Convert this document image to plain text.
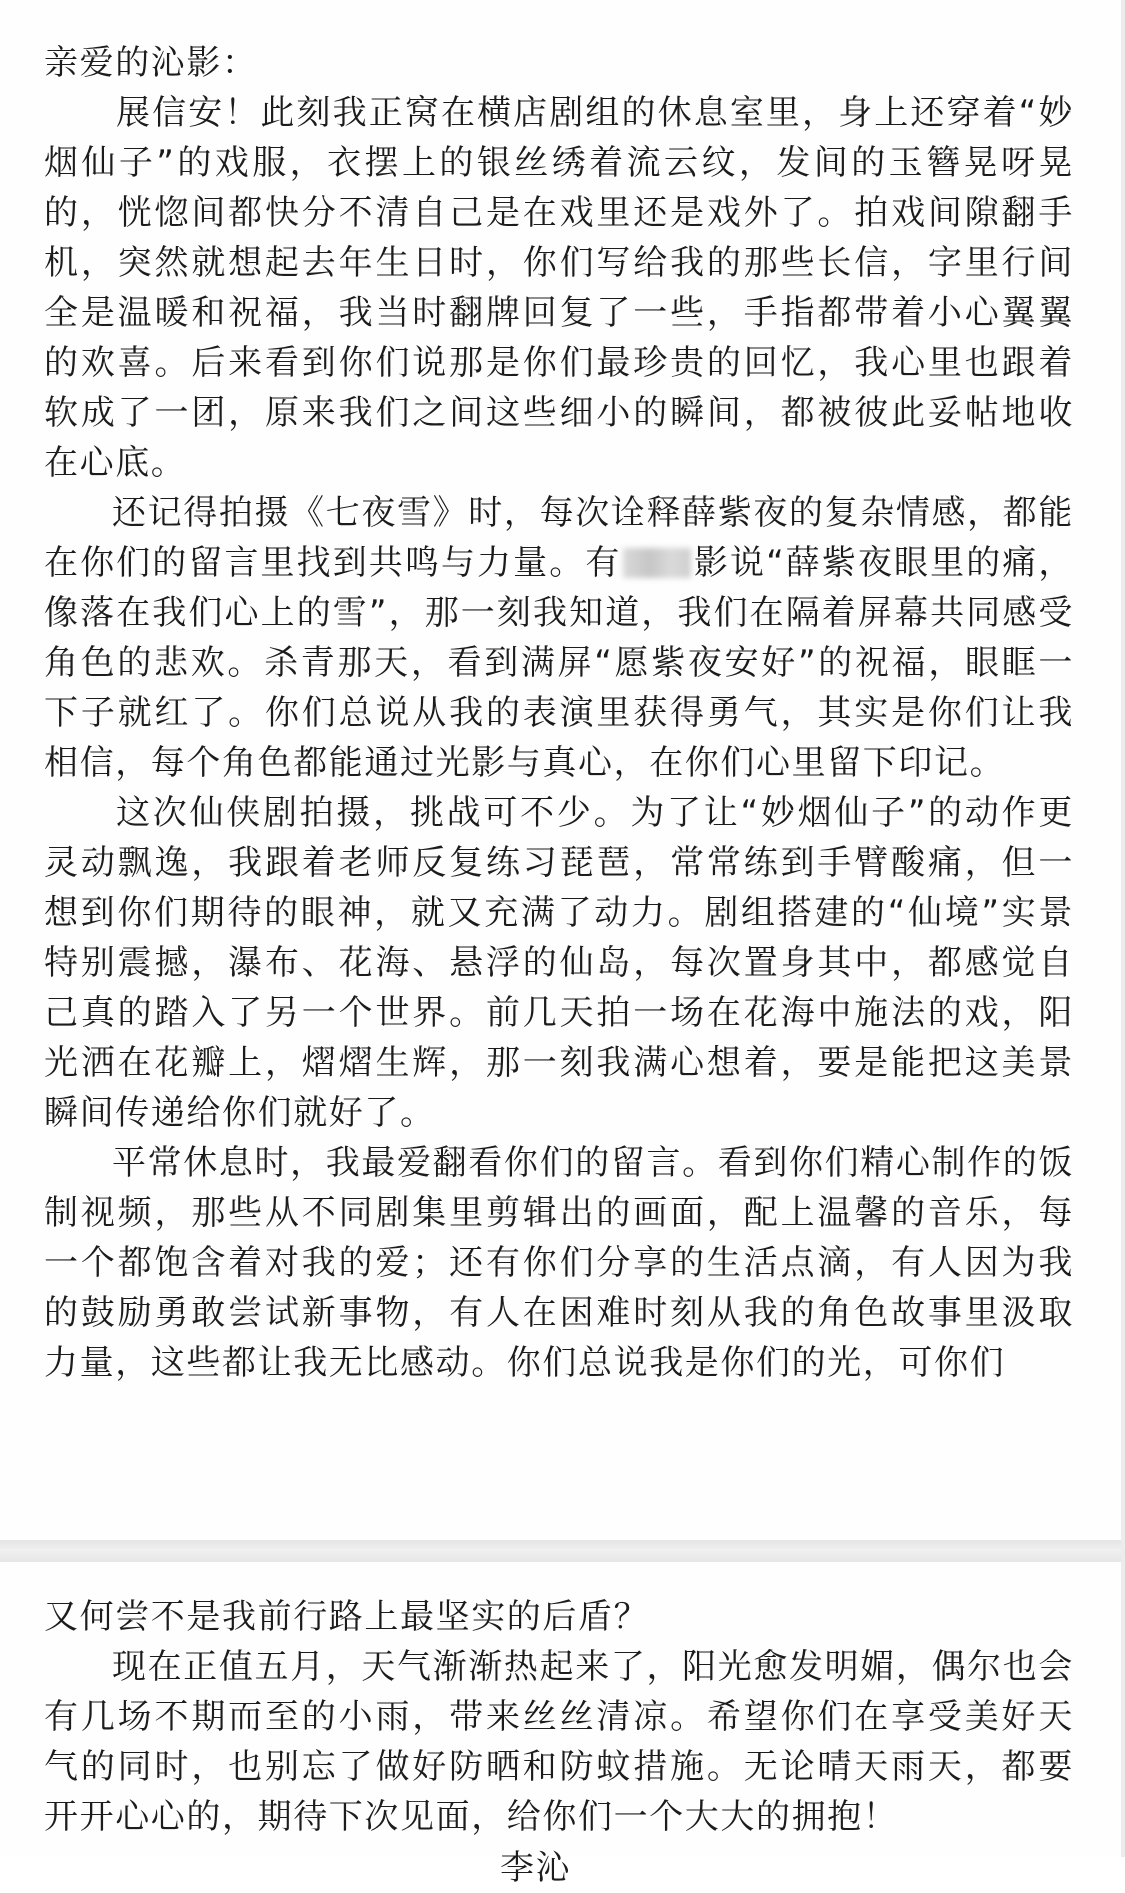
亲爱的沁影：

展信安！此刻我正窝在横店剧组的休息室里，身上还穿着“妙烟仙子”的戏服，衣摆上的银丝绣着流云纹，发间的玉簪晃呀晃的，恍惚间都快分不清自己是在戏里还是戏外了。拍戏间隙翻手机，突然就想起去年生日时，你们写给我的那些长信，字里行间全是温暖和祝福，我当时翻牌回复了一些，手指都带着小心翼翼的欢喜。后来看到你们说那是你们最珍贵的回忆，我心里也跟着软成了一团，原来我们之间这些细小的瞬间，都被彼此妥帖地收在心底。

还记得拍摄《七夜雪》时，每次诠释薛紫夜的复杂情感，都能在你们的留言里找到共鸣与力量。有 影说“薛紫夜眼里的痛，像落在我们心上的雪”，那一刻我知道，我们在隔着屏幕共同感受角色的悲欢。杀青那天，看到满屏“愿紫夜安好”的祝福，眼眶一下子就红了。你们总说从我的表演里获得勇气，其实是你们让我相信，每个角色都能通过光影与真心，在你们心里留下印记。

这次仙侠剧拍摄，挑战可不少。为了让“妙烟仙子”的动作更灵动飘逸，我跟着老师反复练习琵琶，常常练到手臂酸痛，但一想到你们期待的眼神，就又充满了动力。剧组搭建的“仙境”实景特别震撼，瀑布、花海、悬浮的仙岛，每次置身其中，都感觉自己真的踏入了另一个世界。前几天拍一场在花海中施法的戏，阳光洒在花瓣上，熠熠生辉，那一刻我满心想着，要是能把这美景瞬间传递给你们就好了。

平常休息时，我最爱翻看你们的留言。看到你们精心制作的饭制视频，那些从不同剧集里剪辑出的画面，配上温馨的音乐，每一个都饱含着对我的爱；还有你们分享的生活点滴，有人因为我的鼓励勇敢尝试新事物，有人在困难时刻从我的角色故事里汲取力量，这些都让我无比感动。你们总说我是你们的光，可你们

又何尝不是我前行路上最坚实的后盾？

现在正值五月，天气渐渐热起来了，阳光愈发明媚，偶尔也会有几场不期而至的小雨，带来丝丝清凉。希望你们在享受美好天气的同时，也别忘了做好防晒和防蚊措施。无论晴天雨天，都要开开心心的，期待下次见面，给你们一个大大的拥抱！

李沁
